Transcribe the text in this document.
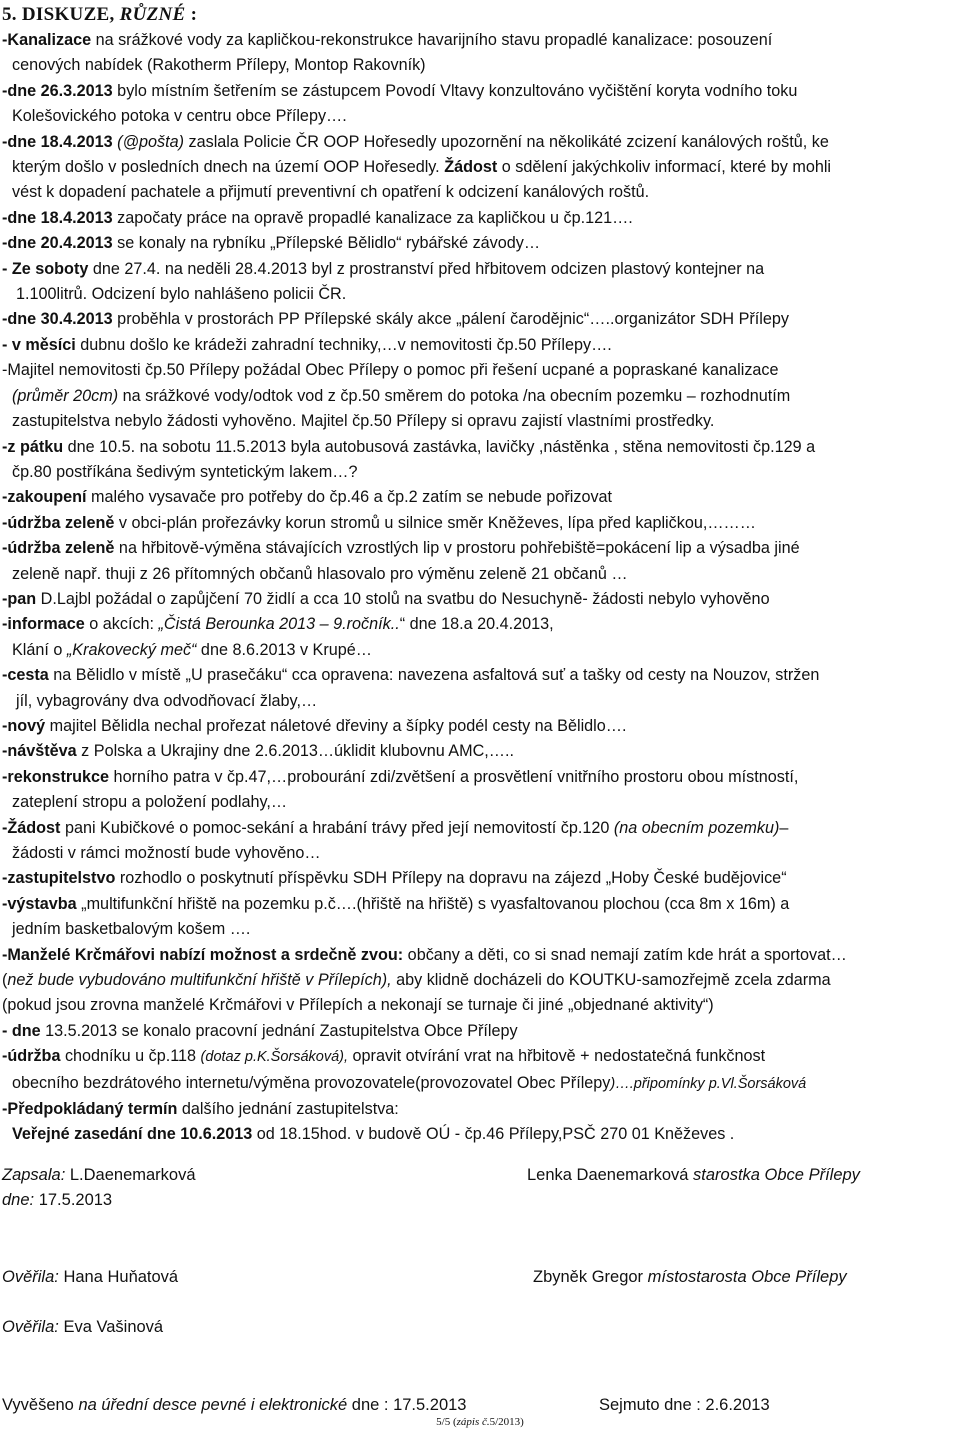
5. DISKUZE, RŮZNÉ :
-Kanalizace na srážkové vody za kapličkou-rekonstrukce havarijního stavu propadlé kanalizace: posouzení
cenových nabídek (Rakotherm Přílepy, Montop Rakovník)
-dne 26.3.2013 bylo místním šetřením se zástupcem Povodí Vltavy konzultováno vyčištění koryta vodního toku
Kolešovického potoka v centru obce Přílepy….
-dne 18.4.2013 (@pošta) zaslala Policie ČR OOP Hořesedly upozornění na několikáté zcizení kanálových roštů, ke
kterým došlo v posledních dnech na území OOP Hořesedly. Žádost o sdělení jakýchkoliv informací, které by mohli
vést k dopadení pachatele a přijmutí preventivní ch opatření k odcizení kanálových roštů.
-dne 18.4.2013 započaty práce na opravě propadlé kanalizace za kapličkou u čp.121….
-dne 20.4.2013 se konaly na rybníku „Přílepské Bělidlo“ rybářské závody…
- Ze soboty dne 27.4. na neděli 28.4.2013 byl z prostranství před hřbitovem odcizen plastový kontejner na
1.100litrů. Odcizení bylo nahlášeno policii ČR.
-dne 30.4.2013 proběhla v prostorách PP Přílepské skály akce „pálení čarodějnic“…..organizátor SDH Přílepy
- v měsíci dubnu došlo ke krádeži zahradní techniky,…v nemovitosti čp.50 Přílepy….
-Majitel nemovitosti čp.50 Přílepy požádal Obec Přílepy o pomoc při řešení ucpané a popraskané kanalizace
(průměr 20cm) na srážkové vody/odtok vod z čp.50 směrem do potoka /na obecním pozemku – rozhodnutím
zastupitelstva nebylo žádosti vyhověno. Majitel čp.50 Přílepy si opravu zajistí vlastními prostředky.
-z pátku dne 10.5. na sobotu 11.5.2013 byla autobusová zastávka, lavičky ,nástěnka , stěna nemovitosti čp.129 a
čp.80 postříkána šedivým syntetickým lakem…?
-zakoupení malého vysavače pro potřeby do čp.46 a čp.2 zatím se nebude pořizovat
-údržba zeleně v obci-plán prořezávky korun stromů u silnice směr Kněževes, lípa před kapličkou,………
-údržba zeleně na hřbitově-výměna stávajících vzrostlých lip v prostoru pohřebiště=pokácení lip a výsadba jiné
zeleně např. thuji z 26 přítomných občanů hlasovalo pro výměnu zeleně 21 občanů …
-pan D.Lajbl požádal o zapůjčení 70 židlí a cca 10 stolů na svatbu do Nesuchyně- žádosti nebylo vyhověno
-informace o akcích: „Čistá Berounka 2013 – 9.ročník..“ dne 18.a 20.4.2013,
Klání o „Krakovecký meč“ dne 8.6.2013 v Krupé…
-cesta na Bělidlo v místě „U prasečáku“ cca opravena: navezena asfaltová suť a tašky od cesty na Nouzov, stržen
jíl, vybagrovány dva odvodňovací žlaby,…
-nový majitel Bělidla nechal prořezat náletové dřeviny a šípky podél cesty na Bělidlo….
-návštěva z Polska a Ukrajiny dne 2.6.2013…úklidit klubovnu AMC,…..
-rekonstrukce horního patra v čp.47,…probourání zdi/zvětšení a prosvětlení vnitřního prostoru obou místností,
zateplení stropu a položení podlahy,…
-Žádost pani Kubičkové o pomoc-sekání a hrabání trávy před její nemovitostí čp.120 (na obecním pozemku)–
žádosti v rámci možností bude vyhověno…
-zastupitelstvo rozhodlo o poskytnutí příspěvku SDH Přílepy na dopravu na zájezd „Hoby České budějovice“
-výstavba „multifunkční hřiště na pozemku p.č….(hřiště na hřiště) s vyasfaltovanou plochou (cca 8m x 16m) a
jedním basketbalovým košem ….
-Manželé Krčmářovi nabízí možnost a srdečně zvou: občany a děti, co si snad nemají zatím kde hrát a sportovat…
(než bude vybudováno multifunkční hřiště v Přílepích), aby klidně docházeli do KOUTKU-samozřejmě zcela zdarma
(pokud jsou zrovna manželé Krčmářovi v Přílepích a nekonají se turnaje či jiné „objednané aktivity“)
- dne 13.5.2013 se konalo pracovní jednání Zastupitelstva Obce Přílepy
-údržba chodníku u čp.118 (dotaz p.K.Šorsáková), opravit otvírání vrat na hřbitově + nedostatečná funkčnost
obecního bezdrátového internetu/výměna provozovatele(provozovatel Obec Přílepy)….připomínky p.Vl.Šorsáková
-Předpokládaný termín dalšího jednání zastupitelstva:
Veřejné zasedání dne 10.6.2013 od 18.15hod. v budově OÚ - čp.46 Přílepy,PSČ 270 01 Kněževes .
Zapsala: L.Daenemarková
dne: 17.5.2013
Lenka Daenemarková starostka Obce Přílepy
Ověřila: Hana Huňatová	Zbyněk Gregor místostarosta Obce Přílepy
Ověřila: Eva Vašinová
Vyvěšeno na úřední desce pevné i elektronické dne : 17.5.2013	Sejmuto dne : 2.6.2013
5/5 (zápis č.5/2013)
